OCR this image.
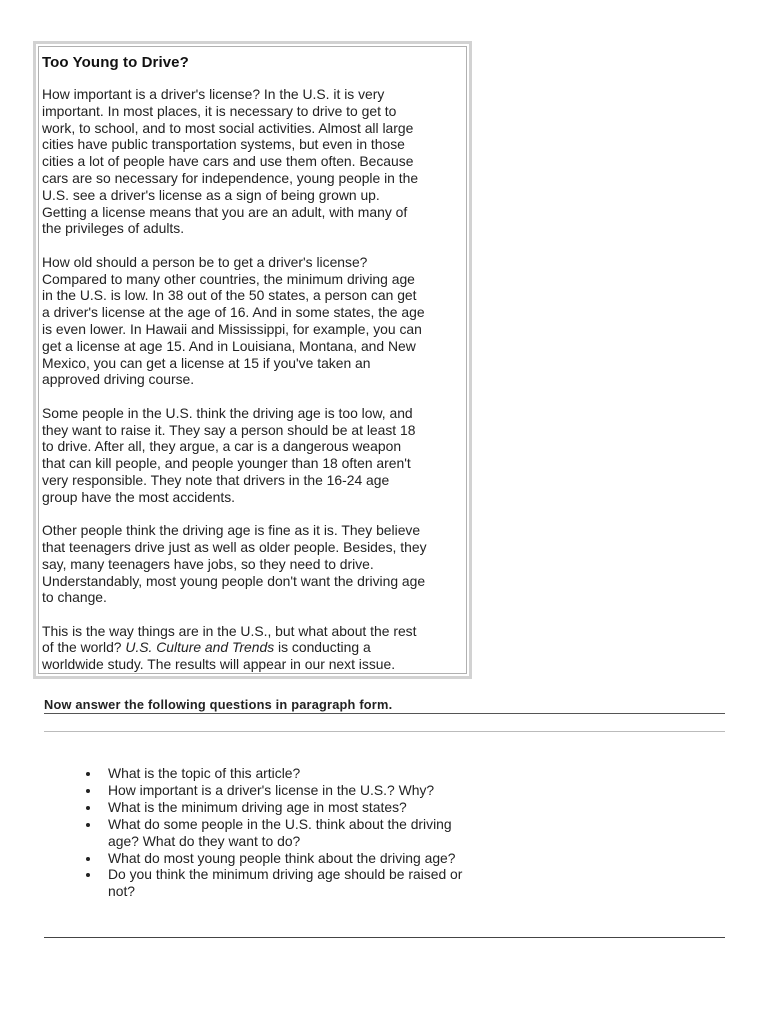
Too Young to Drive?
How important is a driver's license? In the U.S. it is very
important. In most places, it is necessary to drive to get to
work, to school, and to most social activities. Almost all large
cities have public transportation systems, but even in those
cities a lot of people have cars and use them often. Because
cars are so necessary for independence, young people in the
U.S. see a driver's license as a sign of being grown up.
Getting a license means that you are an adult, with many of
the privileges of adults.
How old should a person be to get a driver's license?
Compared to many other countries, the minimum driving age
in the U.S. is low. In 38 out of the 50 states, a person can get
a driver's license at the age of 16. And in some states, the age
is even lower. In Hawaii and Mississippi, for example, you can
get a license at age 15. And in Louisiana, Montana, and New
Mexico, you can get a license at 15 if you've taken an
approved driving course.
Some people in the U.S. think the driving age is too low, and
they want to raise it. They say a person should be at least 18
to drive. After all, they argue, a car is a dangerous weapon
that can kill people, and people younger than 18 often aren't
very responsible. They note that drivers in the 16-24 age
group have the most accidents.
Other people think the driving age is fine as it is. They believe
that teenagers drive just as well as older people. Besides, they
say, many teenagers have jobs, so they need to drive.
Understandably, most young people don't want the driving age
to change.
This is the way things are in the U.S., but what about the rest
of the world? U.S. Culture and Trends is conducting a
worldwide study. The results will appear in our next issue.
Now answer the following questions in paragraph form.
What is the topic of this article?
How important is a driver's license in the U.S.? Why?
What is the minimum driving age in most states?
What do some people in the U.S. think about the driving
age? What do they want to do?
What do most young people think about the driving age?
Do you think the minimum driving age should be raised or
not?
